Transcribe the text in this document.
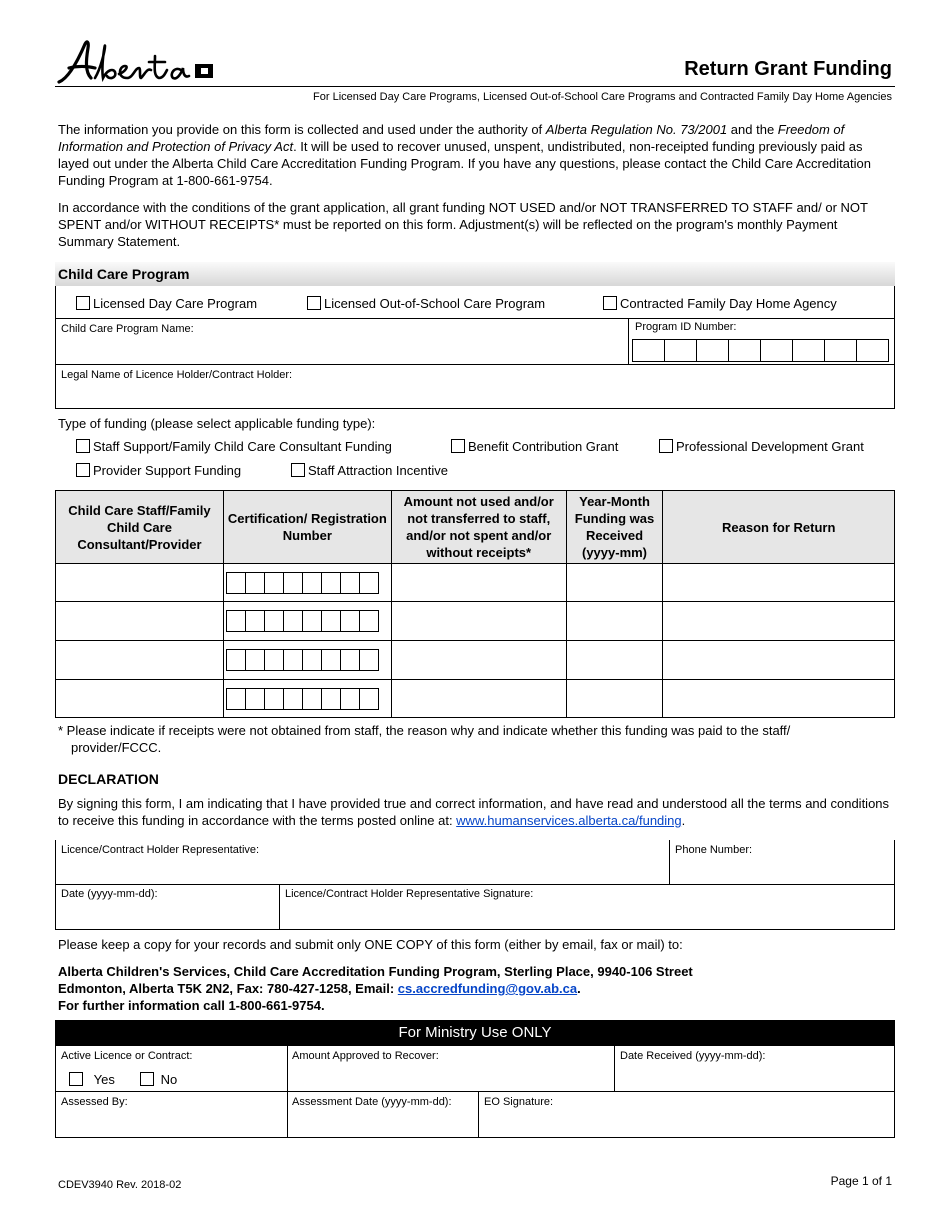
Return Grant Funding
For Licensed Day Care Programs, Licensed Out-of-School Care Programs and Contracted Family Day Home Agencies
The information you provide on this form is collected and used under the authority of Alberta Regulation No. 73/2001 and the Freedom of Information and Protection of Privacy Act. It will be used to recover unused, unspent, undistributed, non-receipted funding previously paid as layed out under the Alberta Child Care Accreditation Funding Program. If you have any questions, please contact the Child Care Accreditation Funding Program at 1-800-661-9754.
In accordance with the conditions of the grant application, all grant funding NOT USED and/or NOT TRANSFERRED TO STAFF and/ or NOT SPENT and/or WITHOUT RECEIPTS* must be reported on this form. Adjustment(s) will be reflected on the program's monthly Payment Summary Statement.
Child Care Program
Licensed Day Care Program	Licensed Out-of-School Care Program	Contracted Family Day Home Agency
Child Care Program Name:	Program ID Number:
Legal Name of Licence Holder/Contract Holder:
Type of funding (please select applicable funding type):
Staff Support/Family Child Care Consultant Funding	Benefit Contribution Grant	Professional Development Grant
Provider Support Funding	Staff Attraction Incentive
Child Care Staff/Family Child Care Consultant/Provider	Certification/ Registration Number	Amount not used and/or not transferred to staff, and/or not spent and/or without receipts*	Year-Month Funding was Received (yyyy-mm)	Reason for Return

* Please indicate if receipts were not obtained from staff, the reason why and indicate whether this funding was paid to the staff/ provider/FCCC.
DECLARATION
By signing this form, I am indicating that I have provided true and correct information, and have read and understood all the terms and conditions to receive this funding in accordance with the terms posted online at: www.humanservices.alberta.ca/funding.
Licence/Contract Holder Representative:	Phone Number:
Date (yyyy-mm-dd):	Licence/Contract Holder Representative Signature:
Please keep a copy for your records and submit only ONE COPY of this form (either by email, fax or mail) to:
Alberta Children's Services, Child Care Accreditation Funding Program, Sterling Place, 9940-106 Street
Edmonton, Alberta T5K 2N2, Fax: 780-427-1258, Email: cs.accredfunding@gov.ab.ca.
For further information call 1-800-661-9754.
For Ministry Use ONLY
Active Licence or Contract:
Yes	No
Amount Approved to Recover:	Date Received (yyyy-mm-dd):
Assessed By:	Assessment Date (yyyy-mm-dd):	EO Signature:
CDEV3940 Rev. 2018-02	Page 1 of 1
